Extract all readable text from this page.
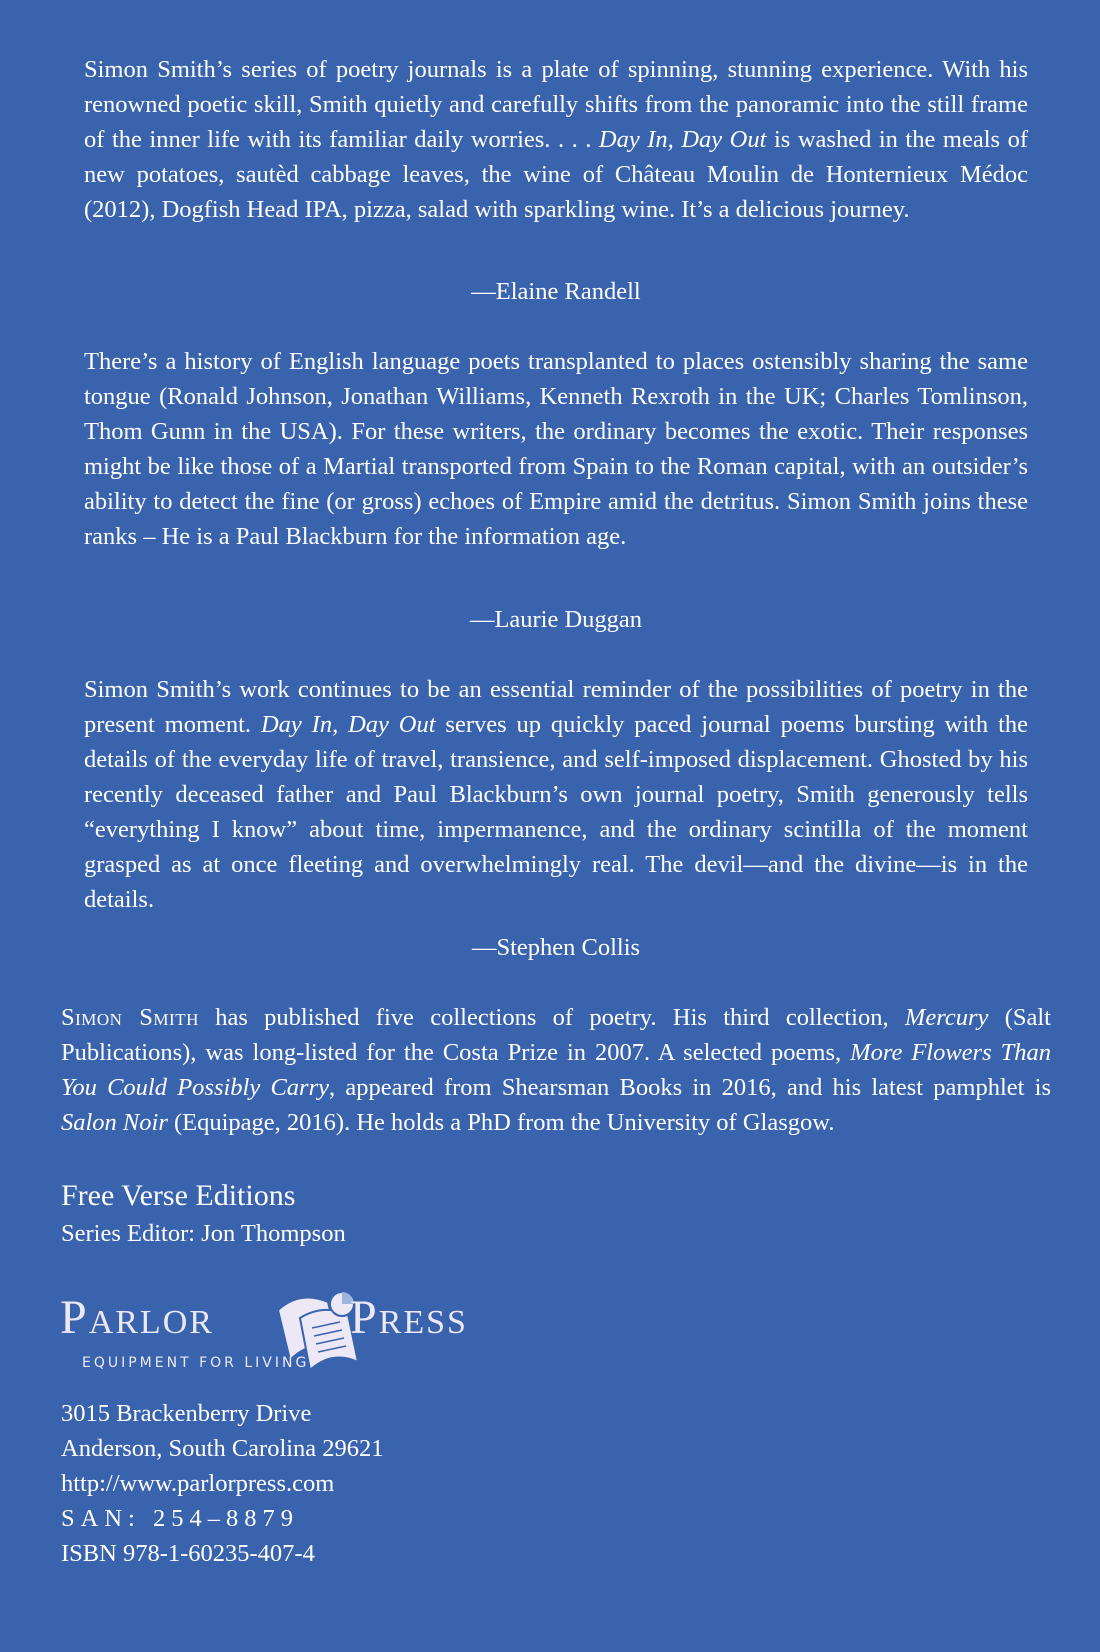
Simon Smith’s series of poetry journals is a plate of spinning, stunning experience. With his renowned poetic skill, Smith quietly and carefully shifts from the panoramic into the still frame of the inner life with its familiar daily worries. . . . Day In, Day Out is washed in the meals of new potatoes, sautèd cabbage leaves, the wine of Château Moulin de Honternieux Médoc (2012), Dogfish Head IPA, pizza, salad with sparkling wine. It’s a delicious journey.

—Elaine Randell

There’s a history of English language poets transplanted to places ostensibly sharing the same tongue (Ronald Johnson, Jonathan Williams, Kenneth Rexroth in the UK; Charles Tomlinson, Thom Gunn in the USA). For these writers, the ordinary becomes the exotic. Their responses might be like those of a Martial transported from Spain to the Roman capital, with an outsider’s ability to detect the fine (or gross) echoes of Empire amid the detritus. Simon Smith joins these ranks – He is a Paul Blackburn for the information age.

—Laurie Duggan

Simon Smith’s work continues to be an essential reminder of the possibilities of poetry in the present moment. Day In, Day Out serves up quickly paced journal poems bursting with the details of the everyday life of travel, transience, and self-imposed displacement. Ghosted by his recently deceased father and Paul Blackburn’s own journal poetry, Smith generously tells “everything I know” about time, impermanence, and the ordinary scintilla of the moment grasped as at once fleeting and overwhelmingly real. The devil—and the divine—is in the details.

—Stephen Collis

Simon Smith has published five collections of poetry. His third collection, Mercury (Salt Publications), was long-listed for the Costa Prize in 2007. A selected poems, More Flowers Than You Could Possibly Carry, appeared from Shearsman Books in 2016, and his latest pamphlet is Salon Noir (Equipage, 2016). He holds a PhD from the University of Glasgow.

Free Verse Editions
Series Editor: Jon Thompson
Parlor	Press
EQUIPMENT FOR LIVING
3015 Brackenberry Drive
Anderson, South Carolina 29621
http://www.parlorpress.com
SAN: 254–8879
ISBN 978-1-60235-407-4
